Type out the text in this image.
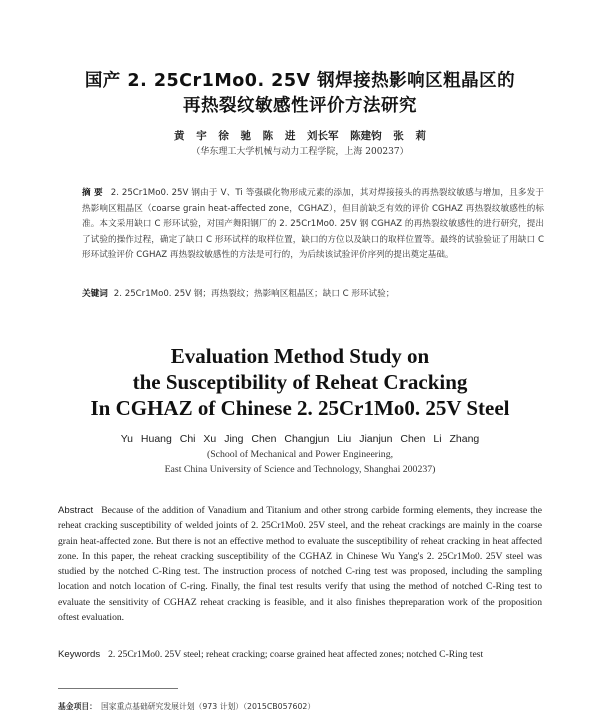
国产 2. 25Cr1Mo0. 25V 钢焊接热影响区粗晶区的
再热裂纹敏感性评价方法研究
黄 宇 徐 驰 陈 进 刘长军 陈建钧 张 莉
（华东理工大学机械与动力工程学院，上海 200237）
摘 要 2. 25Cr1Mo0. 25V 钢由于 V、Ti 等强碳化物形成元素的添加，其对焊接接头的再热裂纹敏感与增加，且多发于热影响区粗晶区（coarse grain heat-affected zone，CGHAZ），但目前缺乏有效的评价 CGHAZ 再热裂纹敏感性的标准。本文采用缺口 C 形环试验，对国产舞阳钢厂的 2. 25Cr1Mo0. 25V 钢 CGHAZ 的再热裂纹敏感性的进行研究，提出了试验的操作过程，确定了缺口 C 形环试样的取样位置，缺口的方位以及缺口的取样位置等。最终的试验验证了用缺口 C 形环试验评价 CGHAZ 再热裂纹敏感性的方法是可行的，为后续该试验评价序列的提出奠定基础。
关键词 2. 25Cr1Mo0. 25V 钢；再热裂纹；热影响区粗晶区；缺口 C 形环试验；
Evaluation Method Study on
the Susceptibility of Reheat Cracking
In CGHAZ of Chinese 2. 25Cr1Mo0. 25V Steel
Yu Huang Chi Xu Jing Chen Changjun Liu Jianjun Chen Li Zhang
(School of Mechanical and Power Engineering,
East China University of Science and Technology, Shanghai 200237)
Abstract Because of the addition of Vanadium and Titanium and other strong carbide forming elements, they increase the reheat cracking susceptibility of welded joints of 2. 25Cr1Mo0. 25V steel, and the reheat crackings are mainly in the coarse grain heat-affected zone. But there is not an effective method to evaluate the susceptibility of reheat cracking in heat affected zone. In this paper, the reheat cracking susceptibility of the CGHAZ in Chinese Wu Yang's 2. 25Cr1Mo0. 25V steel was studied by the notched C-Ring test. The instruction process of notched C-ring test was proposed, including the sampling location and notch location of C-ring. Finally, the final test results verify that using the method of notched C-Ring test to evaluate the sensitivity of CGHAZ reheat cracking is feasible, and it also finishes thepreparation work of the proposition oftest evaluation.
Keywords 2. 25Cr1Mo0. 25V steel; reheat cracking; coarse grained heat affected zones; notched C-Ring test
基金项目： 国家重点基础研究发展计划（973 计划）（2015CB057602）
